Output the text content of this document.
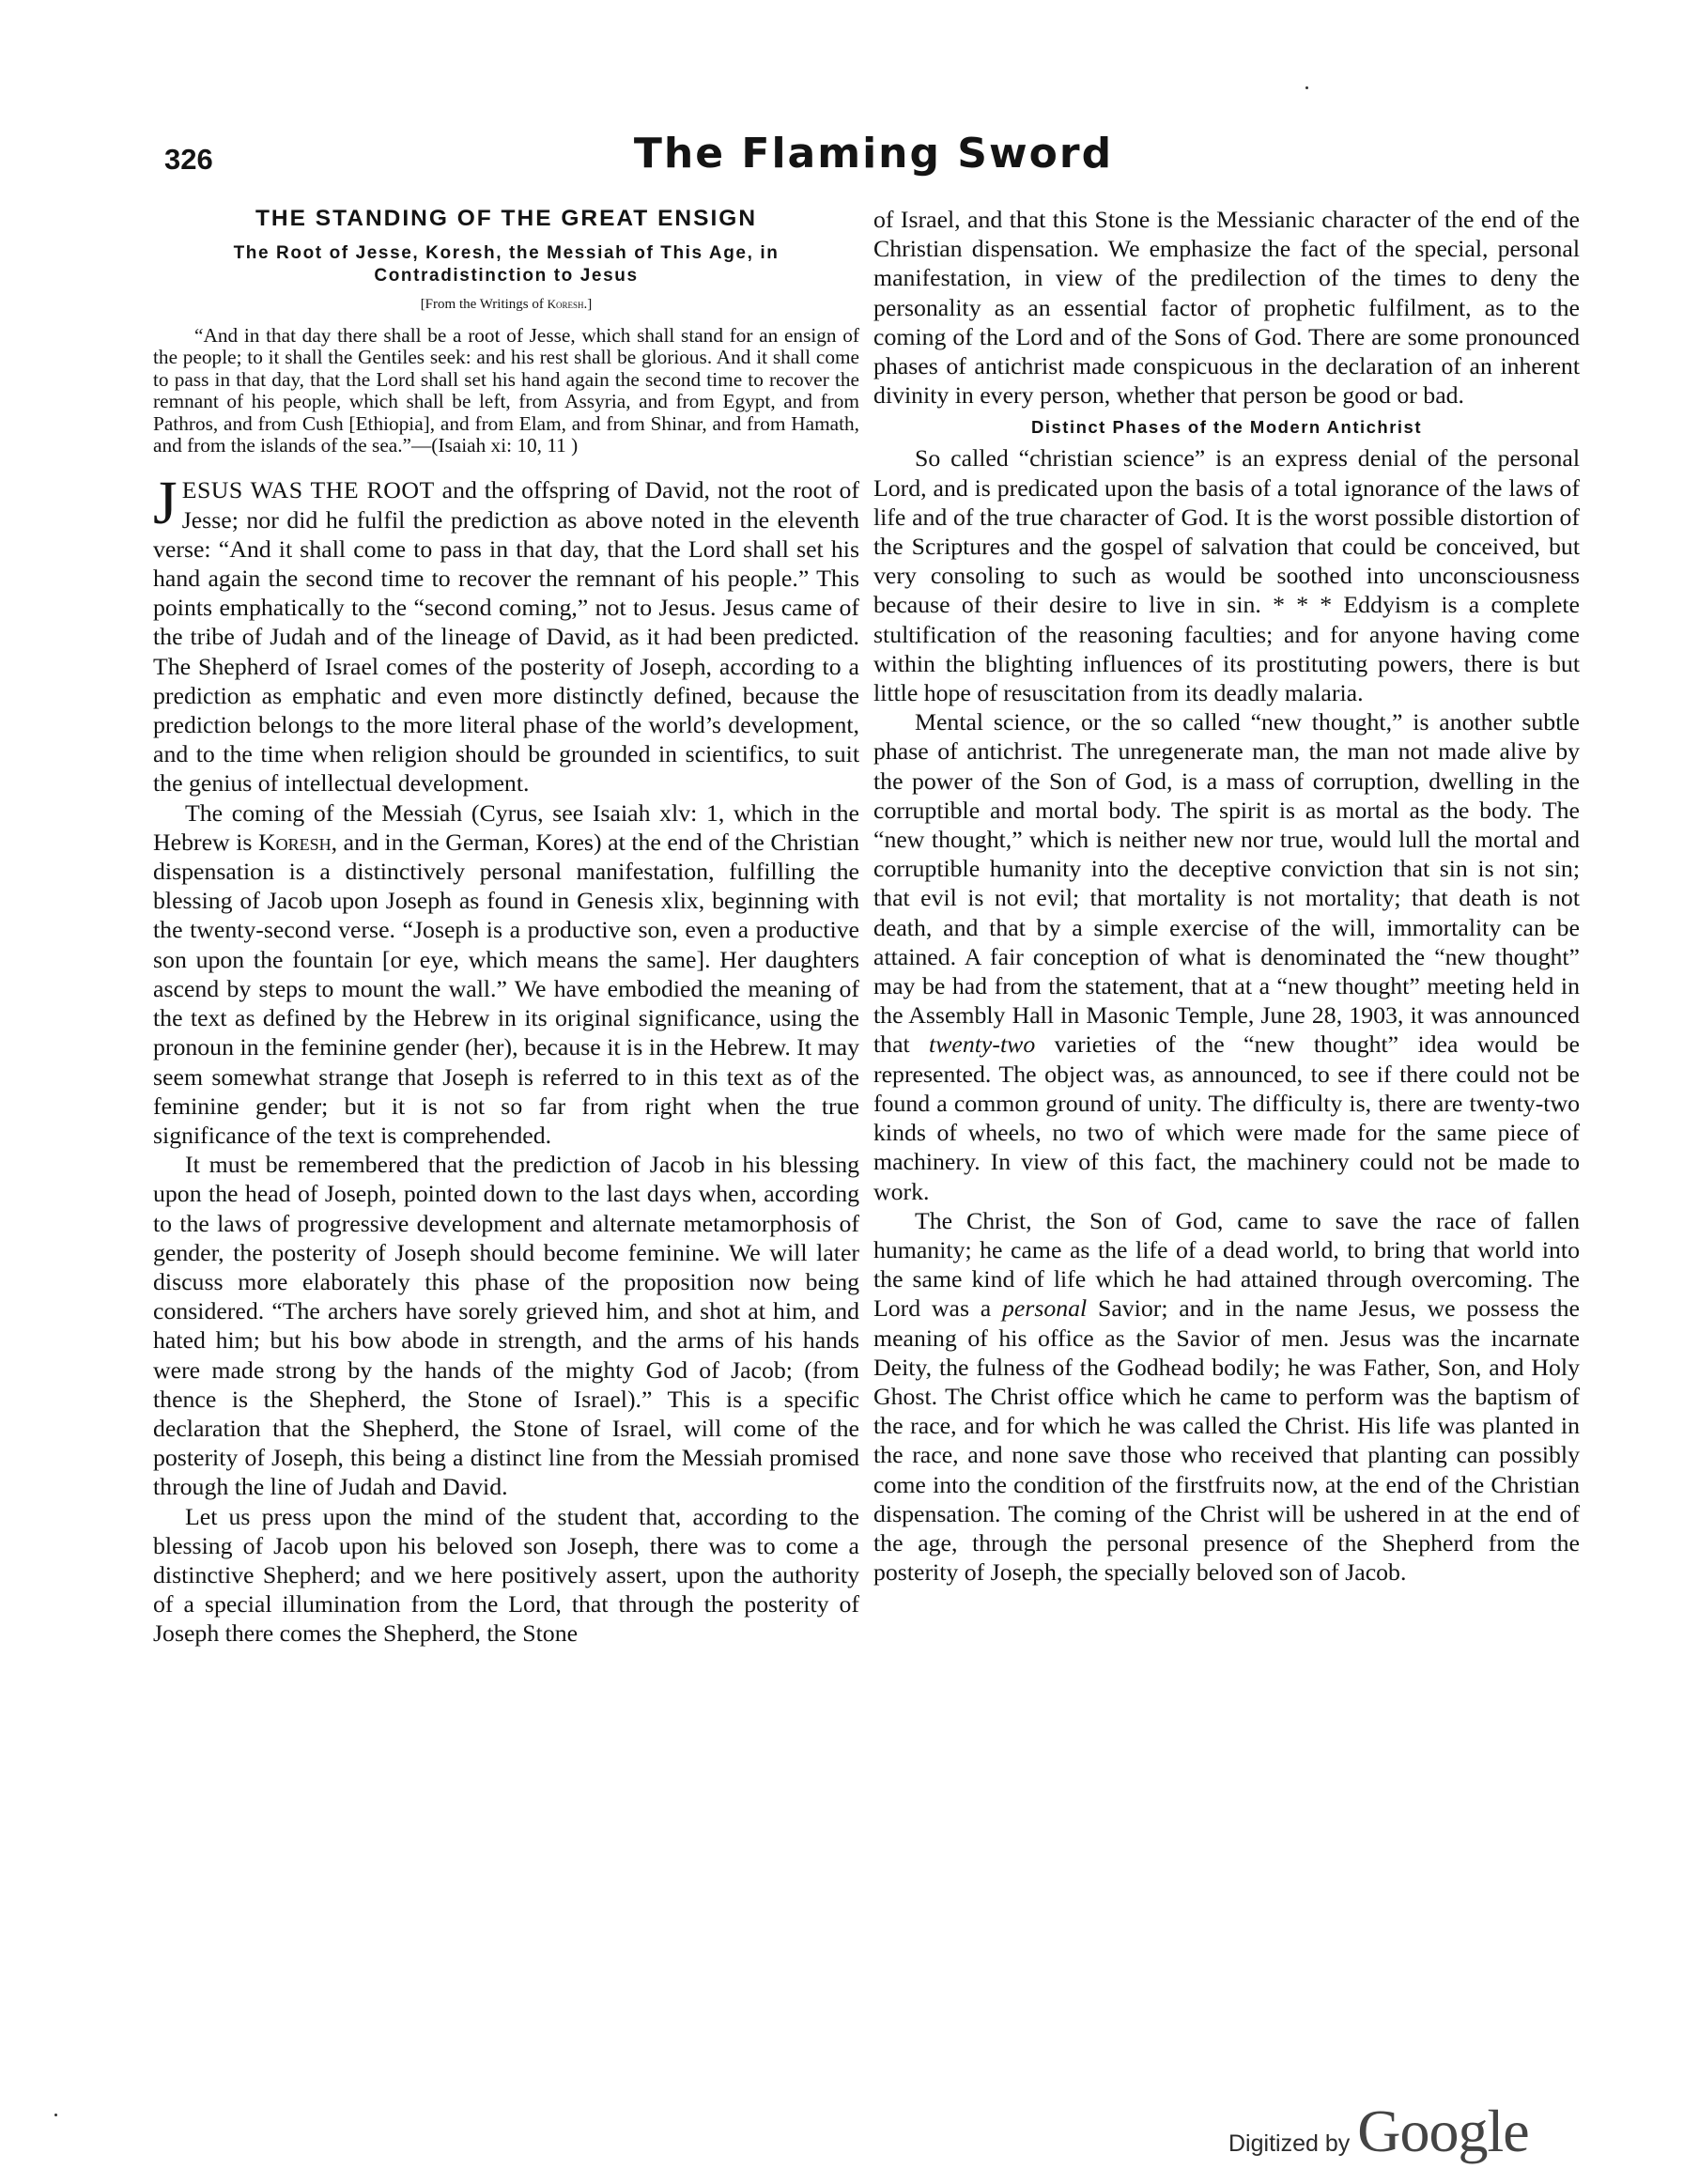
326	The Flaming Sword
THE STANDING OF THE GREAT ENSIGN
The Root of Jesse, Koresh, the Messiah of This Age, in Contradistinction to Jesus
[From the Writings of Koresh.]

“And in that day there shall be a root of Jesse, which shall stand for an ensign of the people; to it shall the Gentiles seek: and his rest shall be glorious. And it shall come to pass in that day, that the Lord shall set his hand again the second time to recover the remnant of his people, which shall be left, from Assyria, and from Egypt, and from Pathros, and from Cush [Ethiopia], and from Elam, and from Shinar, and from Hamath, and from the islands of the sea.”—(Isaiah xi: 10, 11 )

JESUS WAS THE ROOT and the offspring of David, not the root of Jesse; nor did he fulfil the prediction as above noted in the eleventh verse: “And it shall come to pass in that day, that the Lord shall set his hand again the second time to recover the remnant of his people.” This points emphatically to the “second coming,” not to Jesus. Jesus came of the tribe of Judah and of the lineage of David, as it had been predicted. The Shepherd of Israel comes of the posterity of Joseph, according to a prediction as emphatic and even more distinctly defined, because the prediction belongs to the more literal phase of the world’s development, and to the time when religion should be grounded in scientifics, to suit the genius of intellectual development.

The coming of the Messiah (Cyrus, see Isaiah xlv: 1, which in the Hebrew is Koresh, and in the German, Kores) at the end of the Christian dispensation is a distinctively personal manifestation, fulfilling the blessing of Jacob upon Joseph as found in Genesis xlix, beginning with the twenty-second verse. “Joseph is a productive son, even a productive son upon the fountain [or eye, which means the same]. Her daughters ascend by steps to mount the wall.” We have embodied the meaning of the text as defined by the Hebrew in its original significance, using the pronoun in the feminine gender (her), because it is in the Hebrew. It may seem somewhat strange that Joseph is referred to in this text as of the feminine gender; but it is not so far from right when the true significance of the text is comprehended.

It must be remembered that the prediction of Jacob in his blessing upon the head of Joseph, pointed down to the last days when, according to the laws of progressive development and alternate metamorphosis of gender, the posterity of Joseph should become feminine. We will later discuss more elaborately this phase of the proposition now being considered. “The archers have sorely grieved him, and shot at him, and hated him; but his bow abode in strength, and the arms of his hands were made strong by the hands of the mighty God of Jacob; (from thence is the Shepherd, the Stone of Israel).” This is a specific declaration that the Shepherd, the Stone of Israel, will come of the posterity of Joseph, this being a distinct line from the Messiah promised through the line of Judah and David.

Let us press upon the mind of the student that, according to the blessing of Jacob upon his beloved son Joseph, there was to come a distinctive Shepherd; and we here positively assert, upon the authority of a special illumination from the Lord, that through the posterity of Joseph there comes the Shepherd, the Stone

of Israel, and that this Stone is the Messianic character of the end of the Christian dispensation. We emphasize the fact of the special, personal manifestation, in view of the predilection of the times to deny the personality as an essential factor of prophetic fulfilment, as to the coming of the Lord and of the Sons of God. There are some pronounced phases of antichrist made conspicuous in the declaration of an inherent divinity in every person, whether that person be good or bad.

Distinct Phases of the Modern Antichrist

So called “christian science” is an express denial of the personal Lord, and is predicated upon the basis of a total ignorance of the laws of life and of the true character of God. It is the worst possible distortion of the Scriptures and the gospel of salvation that could be conceived, but very consoling to such as would be soothed into unconsciousness because of their desire to live in sin. * * * Eddyism is a complete stultification of the reasoning faculties; and for anyone having come within the blighting influences of its prostituting powers, there is but little hope of resuscitation from its deadly malaria.

Mental science, or the so called “new thought,” is another subtle phase of antichrist. The unregenerate man, the man not made alive by the power of the Son of God, is a mass of corruption, dwelling in the corruptible and mortal body. The spirit is as mortal as the body. The “new thought,” which is neither new nor true, would lull the mortal and corruptible humanity into the deceptive conviction that sin is not sin; that evil is not evil; that mortality is not mortality; that death is not death, and that by a simple exercise of the will, immortality can be attained. A fair conception of what is denominated the “new thought” may be had from the statement, that at a “new thought” meeting held in the Assembly Hall in Masonic Temple, June 28, 1903, it was announced that twenty-two varieties of the “new thought” idea would be represented. The object was, as announced, to see if there could not be found a common ground of unity. The difficulty is, there are twenty-two kinds of wheels, no two of which were made for the same piece of machinery. In view of this fact, the machinery could not be made to work.

The Christ, the Son of God, came to save the race of fallen humanity; he came as the life of a dead world, to bring that world into the same kind of life which he had attained through overcoming. The Lord was a personal Savior; and in the name Jesus, we possess the meaning of his office as the Savior of men. Jesus was the incarnate Deity, the fulness of the Godhead bodily; he was Father, Son, and Holy Ghost. The Christ office which he came to perform was the baptism of the race, and for which he was called the Christ. His life was planted in the race, and none save those who received that planting can possibly come into the condition of the firstfruits now, at the end of the Christian dispensation. The coming of the Christ will be ushered in at the end of the age, through the personal presence of the Shepherd from the posterity of Joseph, the specially beloved son of Jacob.

Digitized by Google
